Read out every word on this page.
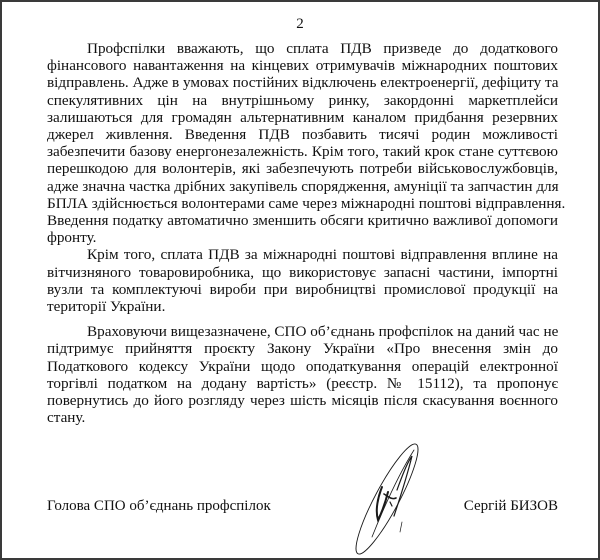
2
Профспілки вважають, що сплата ПДВ призведе до додаткового
фінансового навантаження на кінцевих отримувачів міжнародних поштових
відправлень. Адже в умовах постійних відключень електроенергії, дефіциту та
спекулятивних цін на внутрішньому ринку, закордонні маркетплейси
залишаються для громадян альтернативним каналом придбання резервних
джерел живлення. Введення ПДВ позбавить тисячі родин можливості
забезпечити базову енергонезалежність. Крім того, такий крок стане суттєвою
перешкодою для волонтерів, які забезпечують потреби військовослужбовців,
адже значна частка дрібних закупівель спорядження, амуніції та запчастин для
БПЛА здійснюється волонтерами саме через міжнародні поштові відправлення.
Введення податку автоматично зменшить обсяги критично важливої допомоги
фронту.
Крім того, сплата ПДВ за міжнародні поштові відправлення вплине на
вітчизняного товаровиробника, що використовує запасні частини, імпортні
вузли та комплектуючі вироби при виробництві промислової продукції на
території України.
Враховуючи вищезазначене, СПО об’єднань профспілок на даний час не
підтримує прийняття проєкту Закону України «Про внесення змін до
Податкового кодексу України щодо оподаткування операцій електронної
торгівлі податком на додану вартість» (реєстр. № 15112), та пропонує
повернутись до його розгляду через шість місяців після скасування воєнного
стану.
Голова СПО об’єднань профспілок	Сергій БИЗОВ
